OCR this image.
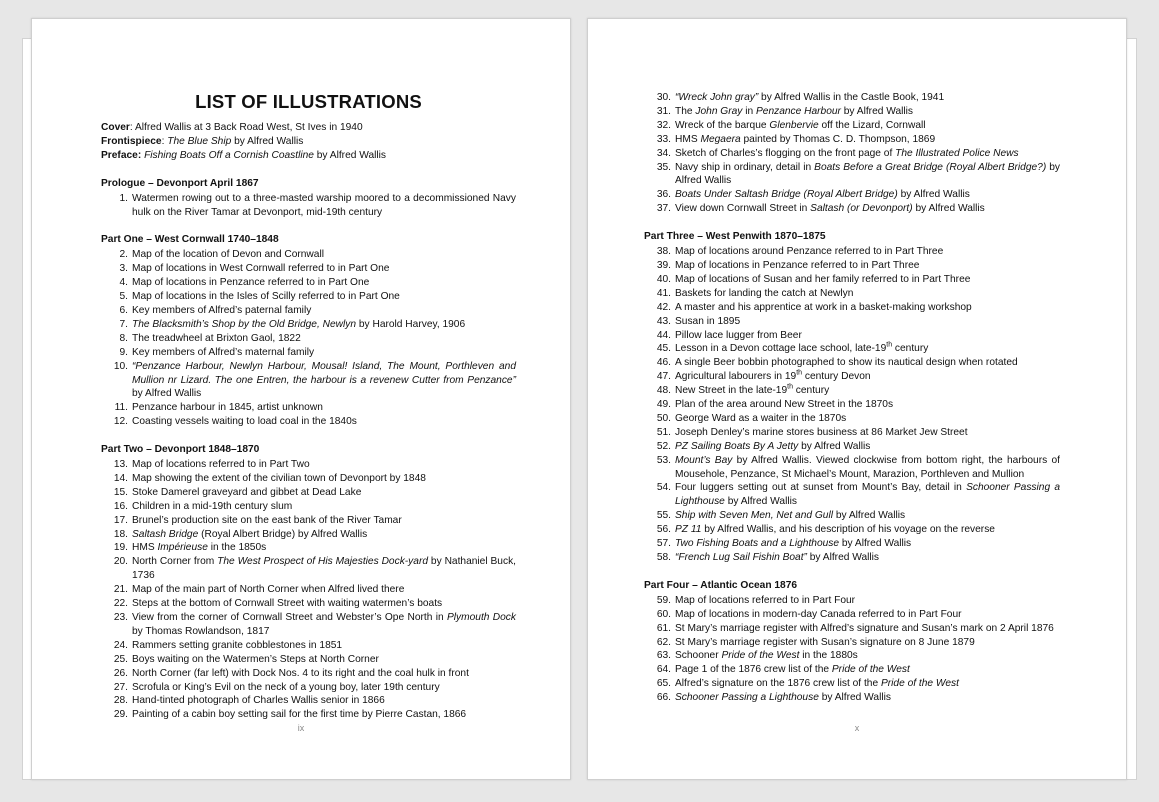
LIST OF ILLUSTRATIONS

Cover: Alfred Wallis at 3 Back Road West, St Ives in 1940

Frontispiece: The Blue Ship by Alfred Wallis

Preface: Fishing Boats Off a Cornish Coastline by Alfred Wallis

Prologue – Devonport April 1867
1. Watermen rowing out to a three-masted warship moored to a decommissioned Navy hulk on the River Tamar at Devonport, mid-19th century
Part One – West Cornwall 1740–1848
2. Map of the location of Devon and Cornwall
3. Map of locations in West Cornwall referred to in Part One
4. Map of locations in Penzance referred to in Part One
5. Map of locations in the Isles of Scilly referred to in Part One
6. Key members of Alfred’s paternal family
7. The Blacksmith’s Shop by the Old Bridge, Newlyn by Harold Harvey, 1906
8. The treadwheel at Brixton Gaol, 1822
9. Key members of Alfred’s maternal family
10. “Penzance Harbour, Newlyn Harbour, Mousal! Island, The Mount, Porthleven and Mullion nr Lizard. The one Entren, the harbour is a revenew Cutter from Penzance” by Alfred Wallis
11. Penzance harbour in 1845, artist unknown
12. Coasting vessels waiting to load coal in the 1840s
Part Two – Devonport 1848–1870
13. Map of locations referred to in Part Two
14. Map showing the extent of the civilian town of Devonport by 1848
15. Stoke Damerel graveyard and gibbet at Dead Lake
16. Children in a mid-19th century slum
17. Brunel’s production site on the east bank of the River Tamar
18. Saltash Bridge (Royal Albert Bridge) by Alfred Wallis
19. HMS Impérieuse in the 1850s
20. North Corner from The West Prospect of His Majesties Dock-yard by Nathaniel Buck, 1736
21. Map of the main part of North Corner when Alfred lived there
22. Steps at the bottom of Cornwall Street with waiting watermen’s boats
23. View from the corner of Cornwall Street and Webster’s Ope North in Plymouth Dock by Thomas Rowlandson, 1817
24. Rammers setting granite cobblestones in 1851
25. Boys waiting on the Watermen’s Steps at North Corner
26. North Corner (far left) with Dock Nos. 4 to its right and the coal hulk in front
27. Scrofula or King’s Evil on the neck of a young boy, later 19th century
28. Hand-tinted photograph of Charles Wallis senior in 1866
29. Painting of a cabin boy setting sail for the first time by Pierre Castan, 1866
ix
30. “Wreck John gray” by Alfred Wallis in the Castle Book, 1941
31. The John Gray in Penzance Harbour by Alfred Wallis
32. Wreck of the barque Glenbervie off the Lizard, Cornwall
33. HMS Megaera painted by Thomas C. D. Thompson, 1869
34. Sketch of Charles’s flogging on the front page of The Illustrated Police News
35. Navy ship in ordinary, detail in Boats Before a Great Bridge (Royal Albert Bridge?) by Alfred Wallis
36. Boats Under Saltash Bridge (Royal Albert Bridge) by Alfred Wallis
37. View down Cornwall Street in Saltash (or Devonport) by Alfred Wallis
Part Three – West Penwith 1870–1875
38. Map of locations around Penzance referred to in Part Three
39. Map of locations in Penzance referred to in Part Three
40. Map of locations of Susan and her family referred to in Part Three
41. Baskets for landing the catch at Newlyn
42. A master and his apprentice at work in a basket-making workshop
43. Susan in 1895
44. Pillow lace lugger from Beer
45. Lesson in a Devon cottage lace school, late-19th century
46. A single Beer bobbin photographed to show its nautical design when rotated
47. Agricultural labourers in 19th century Devon
48. New Street in the late-19th century
49. Plan of the area around New Street in the 1870s
50. George Ward as a waiter in the 1870s
51. Joseph Denley’s marine stores business at 86 Market Jew Street
52. PZ Sailing Boats By A Jetty by Alfred Wallis
53. Mount’s Bay by Alfred Wallis. Viewed clockwise from bottom right, the harbours of Mousehole, Penzance, St Michael’s Mount, Marazion, Porthleven and Mullion
54. Four luggers setting out at sunset from Mount’s Bay, detail in Schooner Passing a Lighthouse by Alfred Wallis
55. Ship with Seven Men, Net and Gull by Alfred Wallis
56. PZ 11 by Alfred Wallis, and his description of his voyage on the reverse
57. Two Fishing Boats and a Lighthouse by Alfred Wallis
58. “French Lug Sail Fishin Boat” by Alfred Wallis
Part Four – Atlantic Ocean 1876
59. Map of locations referred to in Part Four
60. Map of locations in modern-day Canada referred to in Part Four
61. St Mary’s marriage register with Alfred’s signature and Susan’s mark on 2 April 1876
62. St Mary’s marriage register with Susan’s signature on 8 June 1879
63. Schooner Pride of the West in the 1880s
64. Page 1 of the 1876 crew list of the Pride of the West
65. Alfred’s signature on the 1876 crew list of the Pride of the West
66. Schooner Passing a Lighthouse by Alfred Wallis
x
